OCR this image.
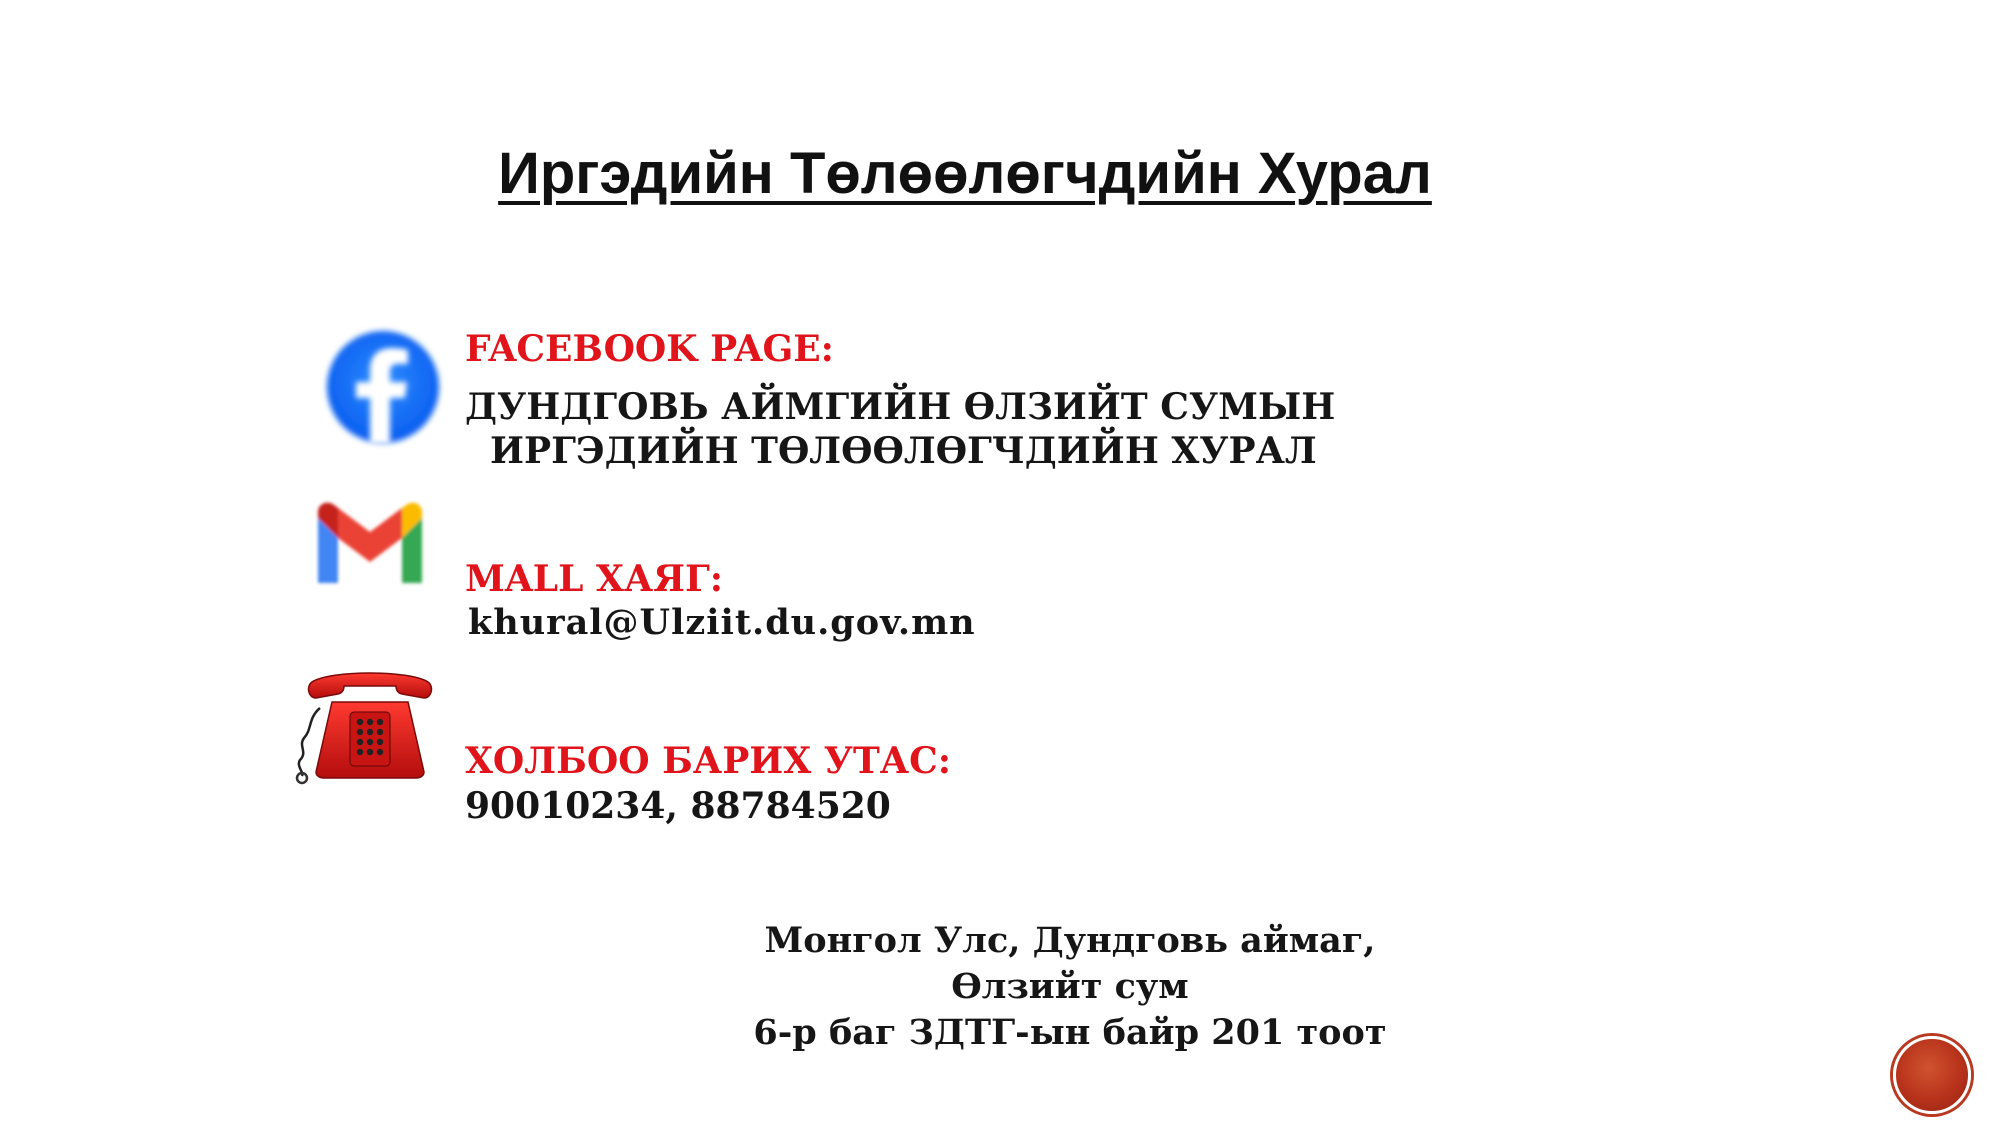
Иргэдийн Төлөөлөгчдийн Хурал
FACEBOOK PAGE:
ДУНДГОВЬ АЙМГИЙН ӨЛЗИЙТ СУМЫН
ИРГЭДИЙН ТӨЛӨӨЛӨГЧДИЙН ХУРАЛ
MALL ХАЯГ:
khural@Ulziit.du.gov.mn
ХОЛБОО БАРИХ УТАС:
90010234, 88784520
Монгол Улс, Дундговь аймаг, Өлзийт сум
6-р баг ЗДТГ-ын байр 201 тоот
